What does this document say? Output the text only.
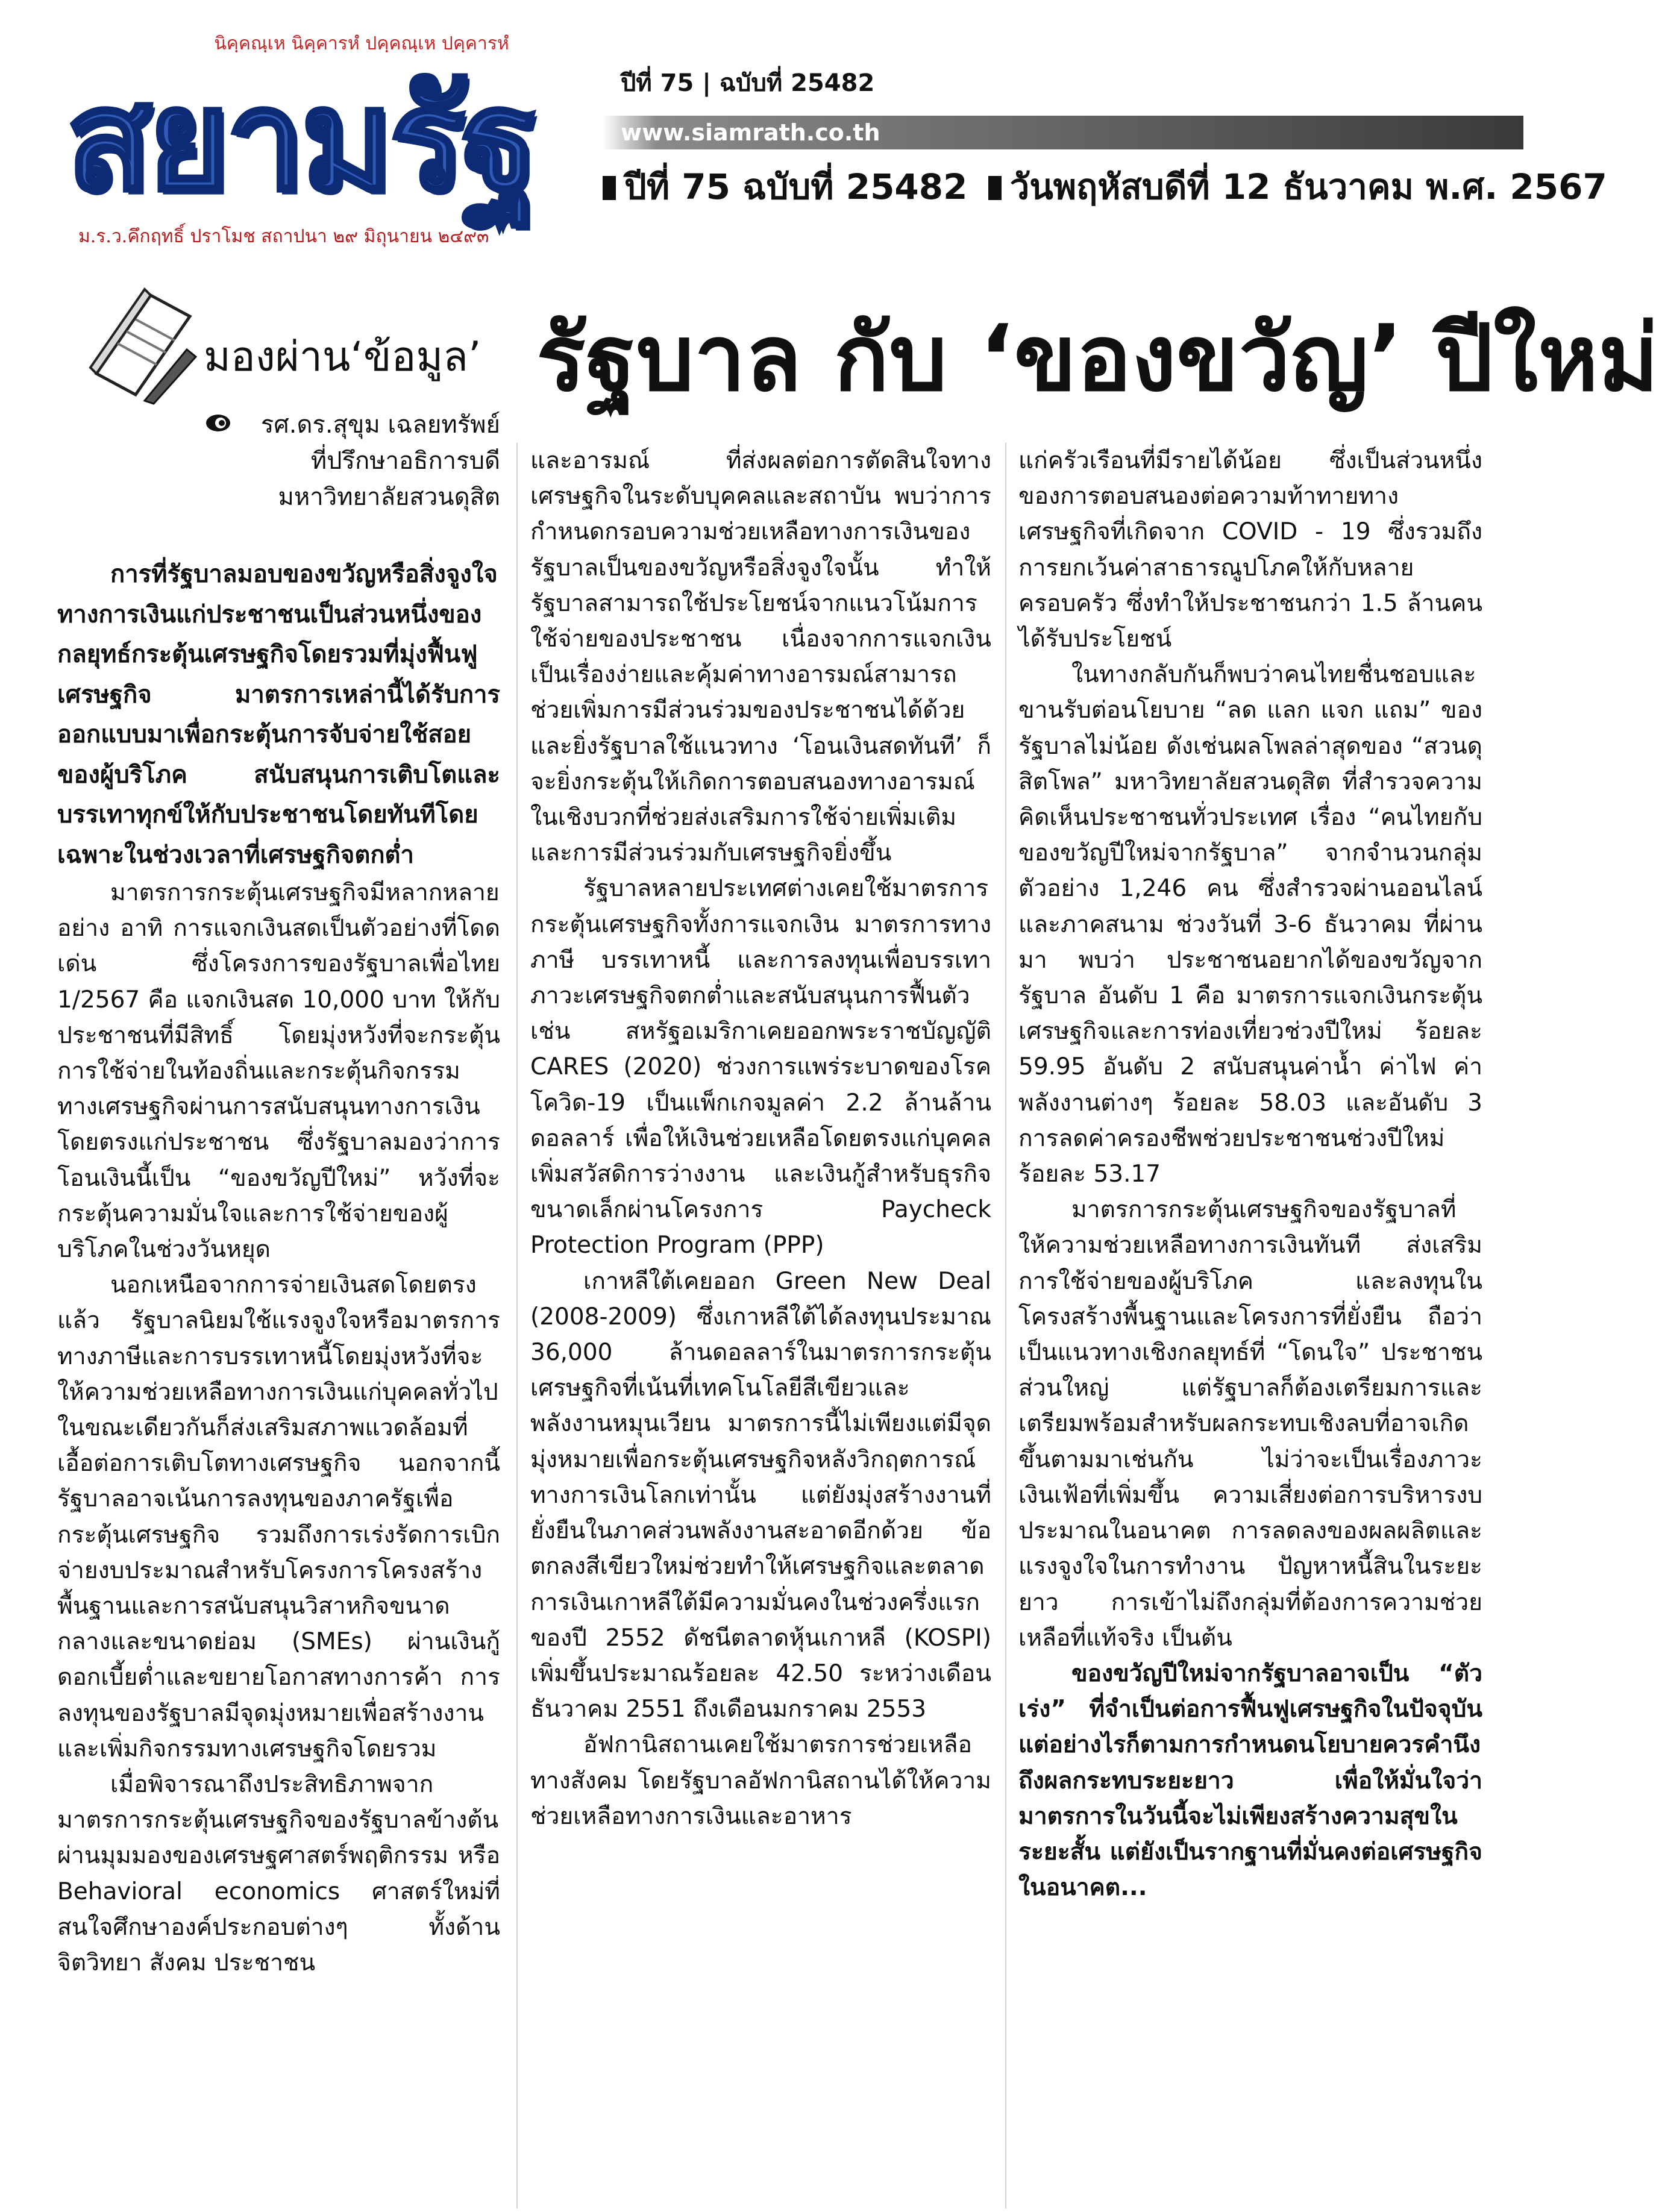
นิคฺคณฺเห นิคฺคารหํ ปคฺคณฺเห ปคฺคารหํ
สยามรัฐ
ม.ร.ว.คึกฤทธิ์ ปราโมช สถาปนา ๒๙ มิถุนายน ๒๔๙๓
ปีที่ 75 | ฉบับที่ 25482
www.siamrath.co.th
ปีที่ 75 ฉบับที่ 25482 วันพฤหัสบดีที่ 12 ธันวาคม พ.ศ. 2567
มองผ่าน‘ข้อมูล’ รัฐบาล กับ ‘ของขวัญ’ ปีใหม่
รศ.ดร.สุขุม เฉลยทรัพย์
ที่ปรึกษาอธิการบดี
มหาวิทยาลัยสวนดุสิต

การที่รัฐบาลมอบของขวัญหรือสิ่งจูงใจทางการเงินแก่ประชาชนเป็นส่วนหนึ่งของกลยุทธ์กระตุ้นเศรษฐกิจโดยรวมที่มุ่งฟื้นฟูเศรษฐกิจ มาตรการเหล่านี้ได้รับการออกแบบมาเพื่อกระตุ้นการจับจ่ายใช้สอยของผู้บริโภค สนับสนุนการเติบโตและบรรเทาทุกข์ให้กับประชาชนโดยทันทีโดยเฉพาะในช่วงเวลาที่เศรษฐกิจตกต่ำ

มาตรการกระตุ้นเศรษฐกิจมีหลากหลายอย่าง อาทิ การแจกเงินสดเป็นตัวอย่างที่โดดเด่น ซึ่งโครงการของรัฐบาลเพื่อไทย 1/2567 คือ แจกเงินสด 10,000 บาท ให้กับประชาชนที่มีสิทธิ์ โดยมุ่งหวังที่จะกระตุ้นการใช้จ่ายในท้องถิ่นและกระตุ้นกิจกรรมทางเศรษฐกิจผ่านการสนับสนุนทางการเงินโดยตรงแก่ประชาชน ซึ่งรัฐบาลมองว่าการโอนเงินนี้เป็น “ของขวัญปีใหม่” หวังที่จะกระตุ้นความมั่นใจและการใช้จ่ายของผู้บริโภคในช่วงวันหยุด

นอกเหนือจากการจ่ายเงินสดโดยตรงแล้ว รัฐบาลนิยมใช้แรงจูงใจหรือมาตรการทางภาษีและการบรรเทาหนี้โดยมุ่งหวังที่จะให้ความช่วยเหลือทางการเงินแก่บุคคลทั่วไปในขณะเดียวกันก็ส่งเสริมสภาพแวดล้อมที่เอื้อต่อการเติบโตทางเศรษฐกิจ นอกจากนี้ รัฐบาลอาจเน้นการลงทุนของภาครัฐเพื่อกระตุ้นเศรษฐกิจ รวมถึงการเร่งรัดการเบิกจ่ายงบประมาณสำหรับโครงการโครงสร้างพื้นฐานและการสนับสนุนวิสาหกิจขนาดกลางและขนาดย่อม (SMEs) ผ่านเงินกู้ดอกเบี้ยต่ำและขยายโอกาสทางการค้า การลงทุนของรัฐบาลมีจุดมุ่งหมายเพื่อสร้างงานและเพิ่มกิจกรรมทางเศรษฐกิจโดยรวม

เมื่อพิจารณาถึงประสิทธิภาพจากมาตรการกระตุ้นเศรษฐกิจของรัฐบาลข้างต้นผ่านมุมมองของเศรษฐศาสตร์พฤติกรรม หรือ Behavioral economics ศาสตร์ใหม่ที่สนใจศึกษาองค์ประกอบต่างๆ ทั้งด้านจิตวิทยา สังคม ประชาชน

และอารมณ์ ที่ส่งผลต่อการตัดสินใจทางเศรษฐกิจในระดับบุคคลและสถาบัน พบว่าการกำหนดกรอบความช่วยเหลือทางการเงินของรัฐบาลเป็นของขวัญหรือสิ่งจูงใจนั้น ทำให้รัฐบาลสามารถใช้ประโยชน์จากแนวโน้มการใช้จ่ายของประชาชน เนื่องจากการแจกเงินเป็นเรื่องง่ายและคุ้มค่าทางอารมณ์สามารถช่วยเพิ่มการมีส่วนร่วมของประชาชนได้ด้วย และยิ่งรัฐบาลใช้แนวทาง ‘โอนเงินสดทันที’ ก็จะยิ่งกระตุ้นให้เกิดการตอบสนองทางอารมณ์ในเชิงบวกที่ช่วยส่งเสริมการใช้จ่ายเพิ่มเติมและการมีส่วนร่วมกับเศรษฐกิจยิ่งขึ้น

รัฐบาลหลายประเทศต่างเคยใช้มาตรการกระตุ้นเศรษฐกิจทั้งการแจกเงิน มาตรการทางภาษี บรรเทาหนี้ และการลงทุนเพื่อบรรเทาภาวะเศรษฐกิจตกต่ำและสนับสนุนการฟื้นตัว เช่น สหรัฐอเมริกาเคยออกพระราชบัญญัติ CARES (2020) ช่วงการแพร่ระบาดของโรคโควิด-19 เป็นแพ็กเกจมูลค่า 2.2 ล้านล้านดอลลาร์ เพื่อให้เงินช่วยเหลือโดยตรงแก่บุคคล เพิ่มสวัสดิการว่างงาน และเงินกู้สำหรับธุรกิจขนาดเล็กผ่านโครงการ Paycheck Protection Program (PPP)

เกาหลีใต้เคยออก Green New Deal (2008-2009) ซึ่งเกาหลีใต้ได้ลงทุนประมาณ 36,000 ล้านดอลลาร์ในมาตรการกระตุ้นเศรษฐกิจที่เน้นที่เทคโนโลยีสีเขียวและพลังงานหมุนเวียน มาตรการนี้ไม่เพียงแต่มีจุดมุ่งหมายเพื่อกระตุ้นเศรษฐกิจหลังวิกฤตการณ์ทางการเงินโลกเท่านั้น แต่ยังมุ่งสร้างงานที่ยั่งยืนในภาคส่วนพลังงานสะอาดอีกด้วย ข้อตกลงสีเขียวใหม่ช่วยทำให้เศรษฐกิจและตลาดการเงินเกาหลีใต้มีความมั่นคงในช่วงครึ่งแรกของปี 2552 ดัชนีตลาดหุ้นเกาหลี (KOSPI) เพิ่มขึ้นประมาณร้อยละ 42.50 ระหว่างเดือนธันวาคม 2551 ถึงเดือนมกราคม 2553

อัฟกานิสถานเคยใช้มาตรการช่วยเหลือทางสังคม โดยรัฐบาลอัฟกานิสถานได้ให้ความช่วยเหลือทางการเงินและอาหาร

แก่ครัวเรือนที่มีรายได้น้อย ซึ่งเป็นส่วนหนึ่งของการตอบสนองต่อความท้าทายทางเศรษฐกิจที่เกิดจาก COVID - 19 ซึ่งรวมถึงการยกเว้นค่าสาธารณูปโภคให้กับหลายครอบครัว ซึ่งทำให้ประชาชนกว่า 1.5 ล้านคนได้รับประโยชน์

ในทางกลับกันก็พบว่าคนไทยชื่นชอบและขานรับต่อนโยบาย “ลด แลก แจก แถม” ของรัฐบาลไม่น้อย ดังเช่นผลโพลล่าสุดของ “สวนดุสิตโพล” มหาวิทยาลัยสวนดุสิต ที่สำรวจความคิดเห็นประชาชนทั่วประเทศ เรื่อง “คนไทยกับของขวัญปีใหม่จากรัฐบาล” จากจำนวนกลุ่มตัวอย่าง 1,246 คน ซึ่งสำรวจผ่านออนไลน์และภาคสนาม ช่วงวันที่ 3-6 ธันวาคม ที่ผ่านมา พบว่า ประชาชนอยากได้ของขวัญจากรัฐบาล อันดับ 1 คือ มาตรการแจกเงินกระตุ้นเศรษฐกิจและการท่องเที่ยวช่วงปีใหม่ ร้อยละ 59.95 อันดับ 2 สนับสนุนค่าน้ำ ค่าไฟ ค่าพลังงานต่างๆ ร้อยละ 58.03 และอันดับ 3 การลดค่าครองชีพช่วยประชาชนช่วงปีใหม่ ร้อยละ 53.17

มาตรการกระตุ้นเศรษฐกิจของรัฐบาลที่ให้ความช่วยเหลือทางการเงินทันที ส่งเสริมการใช้จ่ายของผู้บริโภค และลงทุนในโครงสร้างพื้นฐานและโครงการที่ยั่งยืน ถือว่าเป็นแนวทางเชิงกลยุทธ์ที่ “โดนใจ” ประชาชนส่วนใหญ่ แต่รัฐบาลก็ต้องเตรียมการและเตรียมพร้อมสำหรับผลกระทบเชิงลบที่อาจเกิดขึ้นตามมาเช่นกัน ไม่ว่าจะเป็นเรื่องภาวะเงินเฟ้อที่เพิ่มขึ้น ความเสี่ยงต่อการบริหารงบประมาณในอนาคต การลดลงของผลผลิตและแรงจูงใจในการทำงาน ปัญหาหนี้สินในระยะยาว การเข้าไม่ถึงกลุ่มที่ต้องการความช่วยเหลือที่แท้จริง เป็นต้น

ของขวัญปีใหม่จากรัฐบาลอาจเป็น “ตัวเร่ง” ที่จำเป็นต่อการฟื้นฟูเศรษฐกิจในปัจจุบัน แต่อย่างไรก็ตามการกำหนดนโยบายควรคำนึงถึงผลกระทบระยะยาว เพื่อให้มั่นใจว่ามาตรการในวันนี้จะไม่เพียงสร้างความสุขในระยะสั้น แต่ยังเป็นรากฐานที่มั่นคงต่อเศรษฐกิจในอนาคต...
